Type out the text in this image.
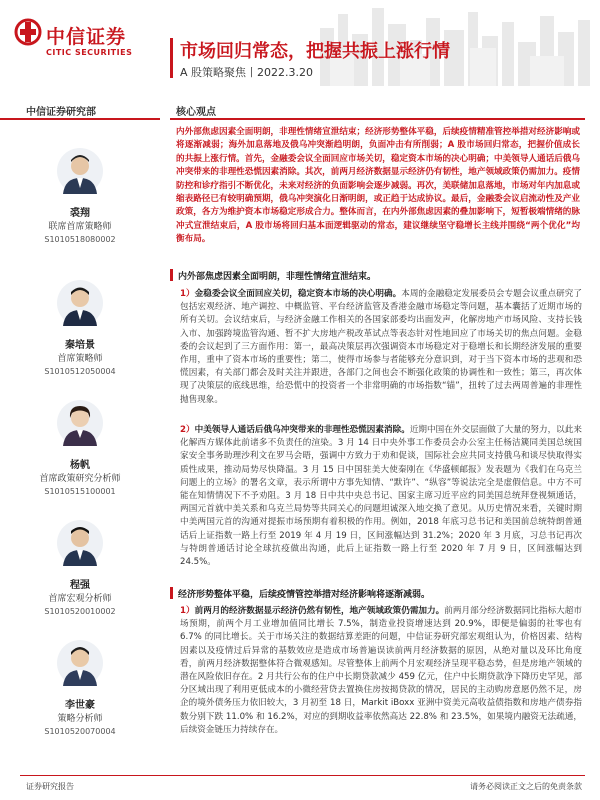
中信证券
CITIC SECURITIES	市场回归常态，把握共振上涨行情
A 股策略聚焦丨2022.3.20
中信证券研究部
裘翔
联席首席策略师
S1010518080002
秦培景
首席策略师
S1010512050004
杨帆
首席政策研究分析师
S1010515100001
程强
首席宏观分析师
S1010520010002
李世豪
策略分析师
S1010520070004
核心观点

内外部焦虑因素全面明朗，非理性情绪宣泄结束；经济形势整体平稳，后续疫情精准管控举措对经济影响或将逐渐减弱；海外加息落地及俄乌冲突渐趋明朗，负面冲击有所削弱；A 股市场回归常态，把握价值成长的共振上涨行情。首先，金融委会议全面回应市场关切，稳定资本市场的决心明确；中美领导人通话后俄乌冲突带来的非理性恐慌因素消除。其次，前两月经济数据显示经济仍有韧性，地产领域政策仍需加力。疫情防控和诊疗指引不断优化，未来对经济的负面影响会逐步减弱。再次，美联储加息落地，市场对年内加息或缩表路径已有较明确预期，俄乌冲突演化日渐明朗，或正趋于达成协议。最后，金融委会议启流动性及产业政策，各方为维护资本市场稳定形成合力。整体而言，在内外部焦虑因素的叠加影响下，短暂极端情绪的脉冲式宣泄结束后，A 股市场将回归基本面逻辑驱动的常态，建议继续坚守稳增长主线并围绕“两个优化”均衡布局。

内外部焦虑因素全面明朗，非理性情绪宣泄结束。

1）金稳委会议全面回应关切，稳定资本市场的决心明确。本周的金融稳定发展委员会专题会议重点研究了包括宏观经济、地产调控、中概监管、平台经济监管及香港金融市场稳定等问题，基本囊括了近期市场的所有关切。会议结束后，与经济金融工作相关的各国家部委均出面发声，化解房地产市场风险、支持长钱入市、加强跨境监管沟通、暂不扩大房地产税改革试点等表态针对性地回应了市场关切的焦点问题。金稳委的会议起到了三方面作用：第一，最高决策层再次强调资本市场稳定对于稳增长和长期经济发展的重要作用，重申了资本市场的重要性；第二，使得市场参与者能够充分意识到，对于当下资本市场的悲观和恐慌因素，有关部门都会及时关注并跟进，各部门之间也会不断强化政策的协调性和一致性；第三，再次体现了决策层的底线思维，给恐慌中的投资者一个非常明确的市场指数“锚”，扭转了过去两周普遍的非理性抛售现象。

2）中美领导人通话后俄乌冲突带来的非理性恐慌因素消除。近期中国在外交层面做了大量的努力，以此来化解西方媒体此前诸多不负责任的渲染。3 月 14 日中央外事工作委员会办公室主任杨洁篪同美国总统国家安全事务助理沙利文在罗马会晤，强调中方致力于劝和促谈，国际社会应共同支持俄乌和谈尽快取得实质性成果，推动局势尽快降温。3 月 15 日中国驻美大使秦刚在《华盛顿邮报》发表题为《我们在乌克兰问题上的立场》的署名文章，表示所谓中方事先知情、“默许”、“纵容”等说法完全是虚假信息。中方不可能在知情情况下不予劝阻。3 月 18 日中共中央总书记、国家主席习近平应约同美国总统拜登视频通话，两国元首就中美关系和乌克兰局势等共同关心的问题坦诚深入地交换了意见。从历史情况来看，关键时期中美两国元首的沟通对提振市场预期有着积极的作用。例如，2018 年底习总书记和美国前总统特朗普通话后上证指数一路上行至 2019 年 4 月 19 日，区间涨幅达到 31.2%；2020 年 3 月底，习总书记再次与特朗普通话讨论全球抗疫做出沟通，此后上证指数一路上行至 2020 年 7 月 9 日，区间涨幅达到 24.5%。

经济形势整体平稳，后续疫情管控举措对经济影响将逐渐减弱。

1）前两月的经济数据显示经济仍然有韧性，地产领域政策仍需加力。前两月部分经济数据同比指标大超市场预期，前两个月工业增加值同比增长 7.5%，制造业投资增速达到 20.9%，即便是偏弱的社零也有 6.7% 的同比增长。关于市场关注的数据结算差距的问题，中信证券研究部宏观组认为，价格因素、结构因素以及疫情过后异常的基数效应是造成市场普遍误读前两月经济数据的原因，从绝对量以及环比角度看，前两月经济数据整体符合微观感知。尽管整体上前两个月宏观经济呈现平稳态势，但是房地产领域的潜在风险依旧存在。2 月共行公布的住户中长期贷款减少 459 亿元，住户中长期贷款净下降历史罕见，部分区域出现了利用更低成本的小微经营贷去置换住房按揭贷款的情况，居民的主动购房意愿仍然不足，房企的境外债务压力依旧较大，3 月初至 18 日，Markit iBoxx 亚洲中资美元高收益债指数和房地产债券指数分别下跌 11.0% 和 16.2%，对应的到期收益率依然高达 22.8% 和 23.5%，如果境内融资无法疏通，后续资金链压力持续存在。

证券研究报告	请务必阅读正文之后的免责条款
